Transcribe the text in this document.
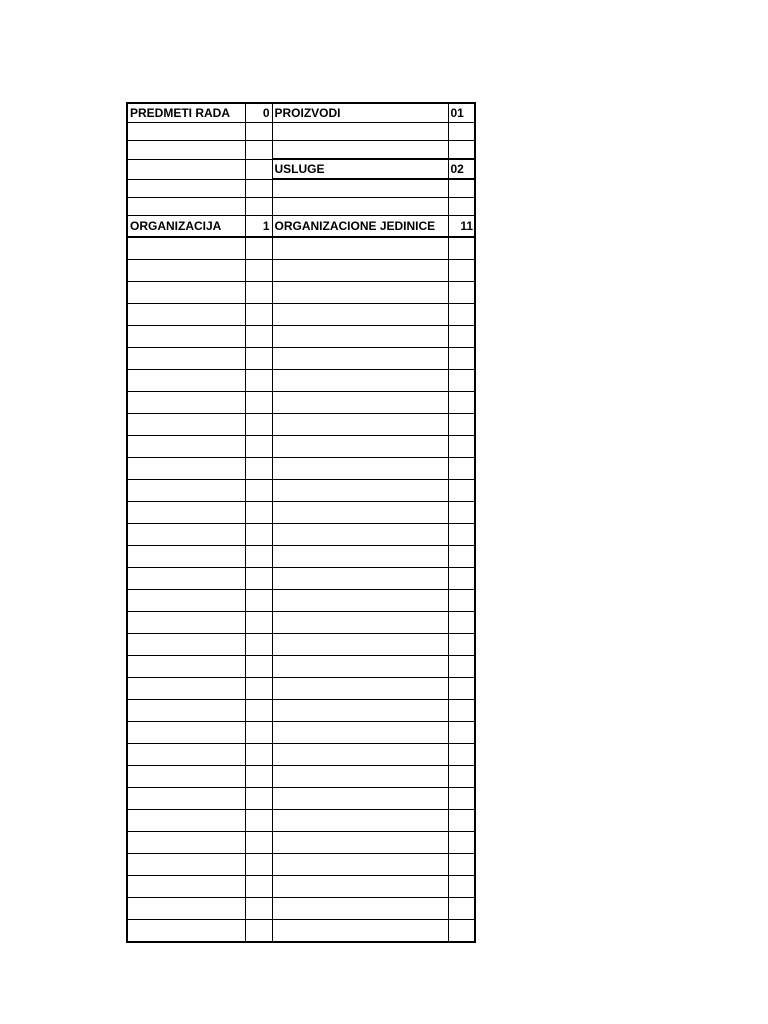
PREDMETI RADA	0	PROIZVODI	01

		USLUGE	02

ORGANIZACIJA	1	ORGANIZACIONE JEDINICE	11
